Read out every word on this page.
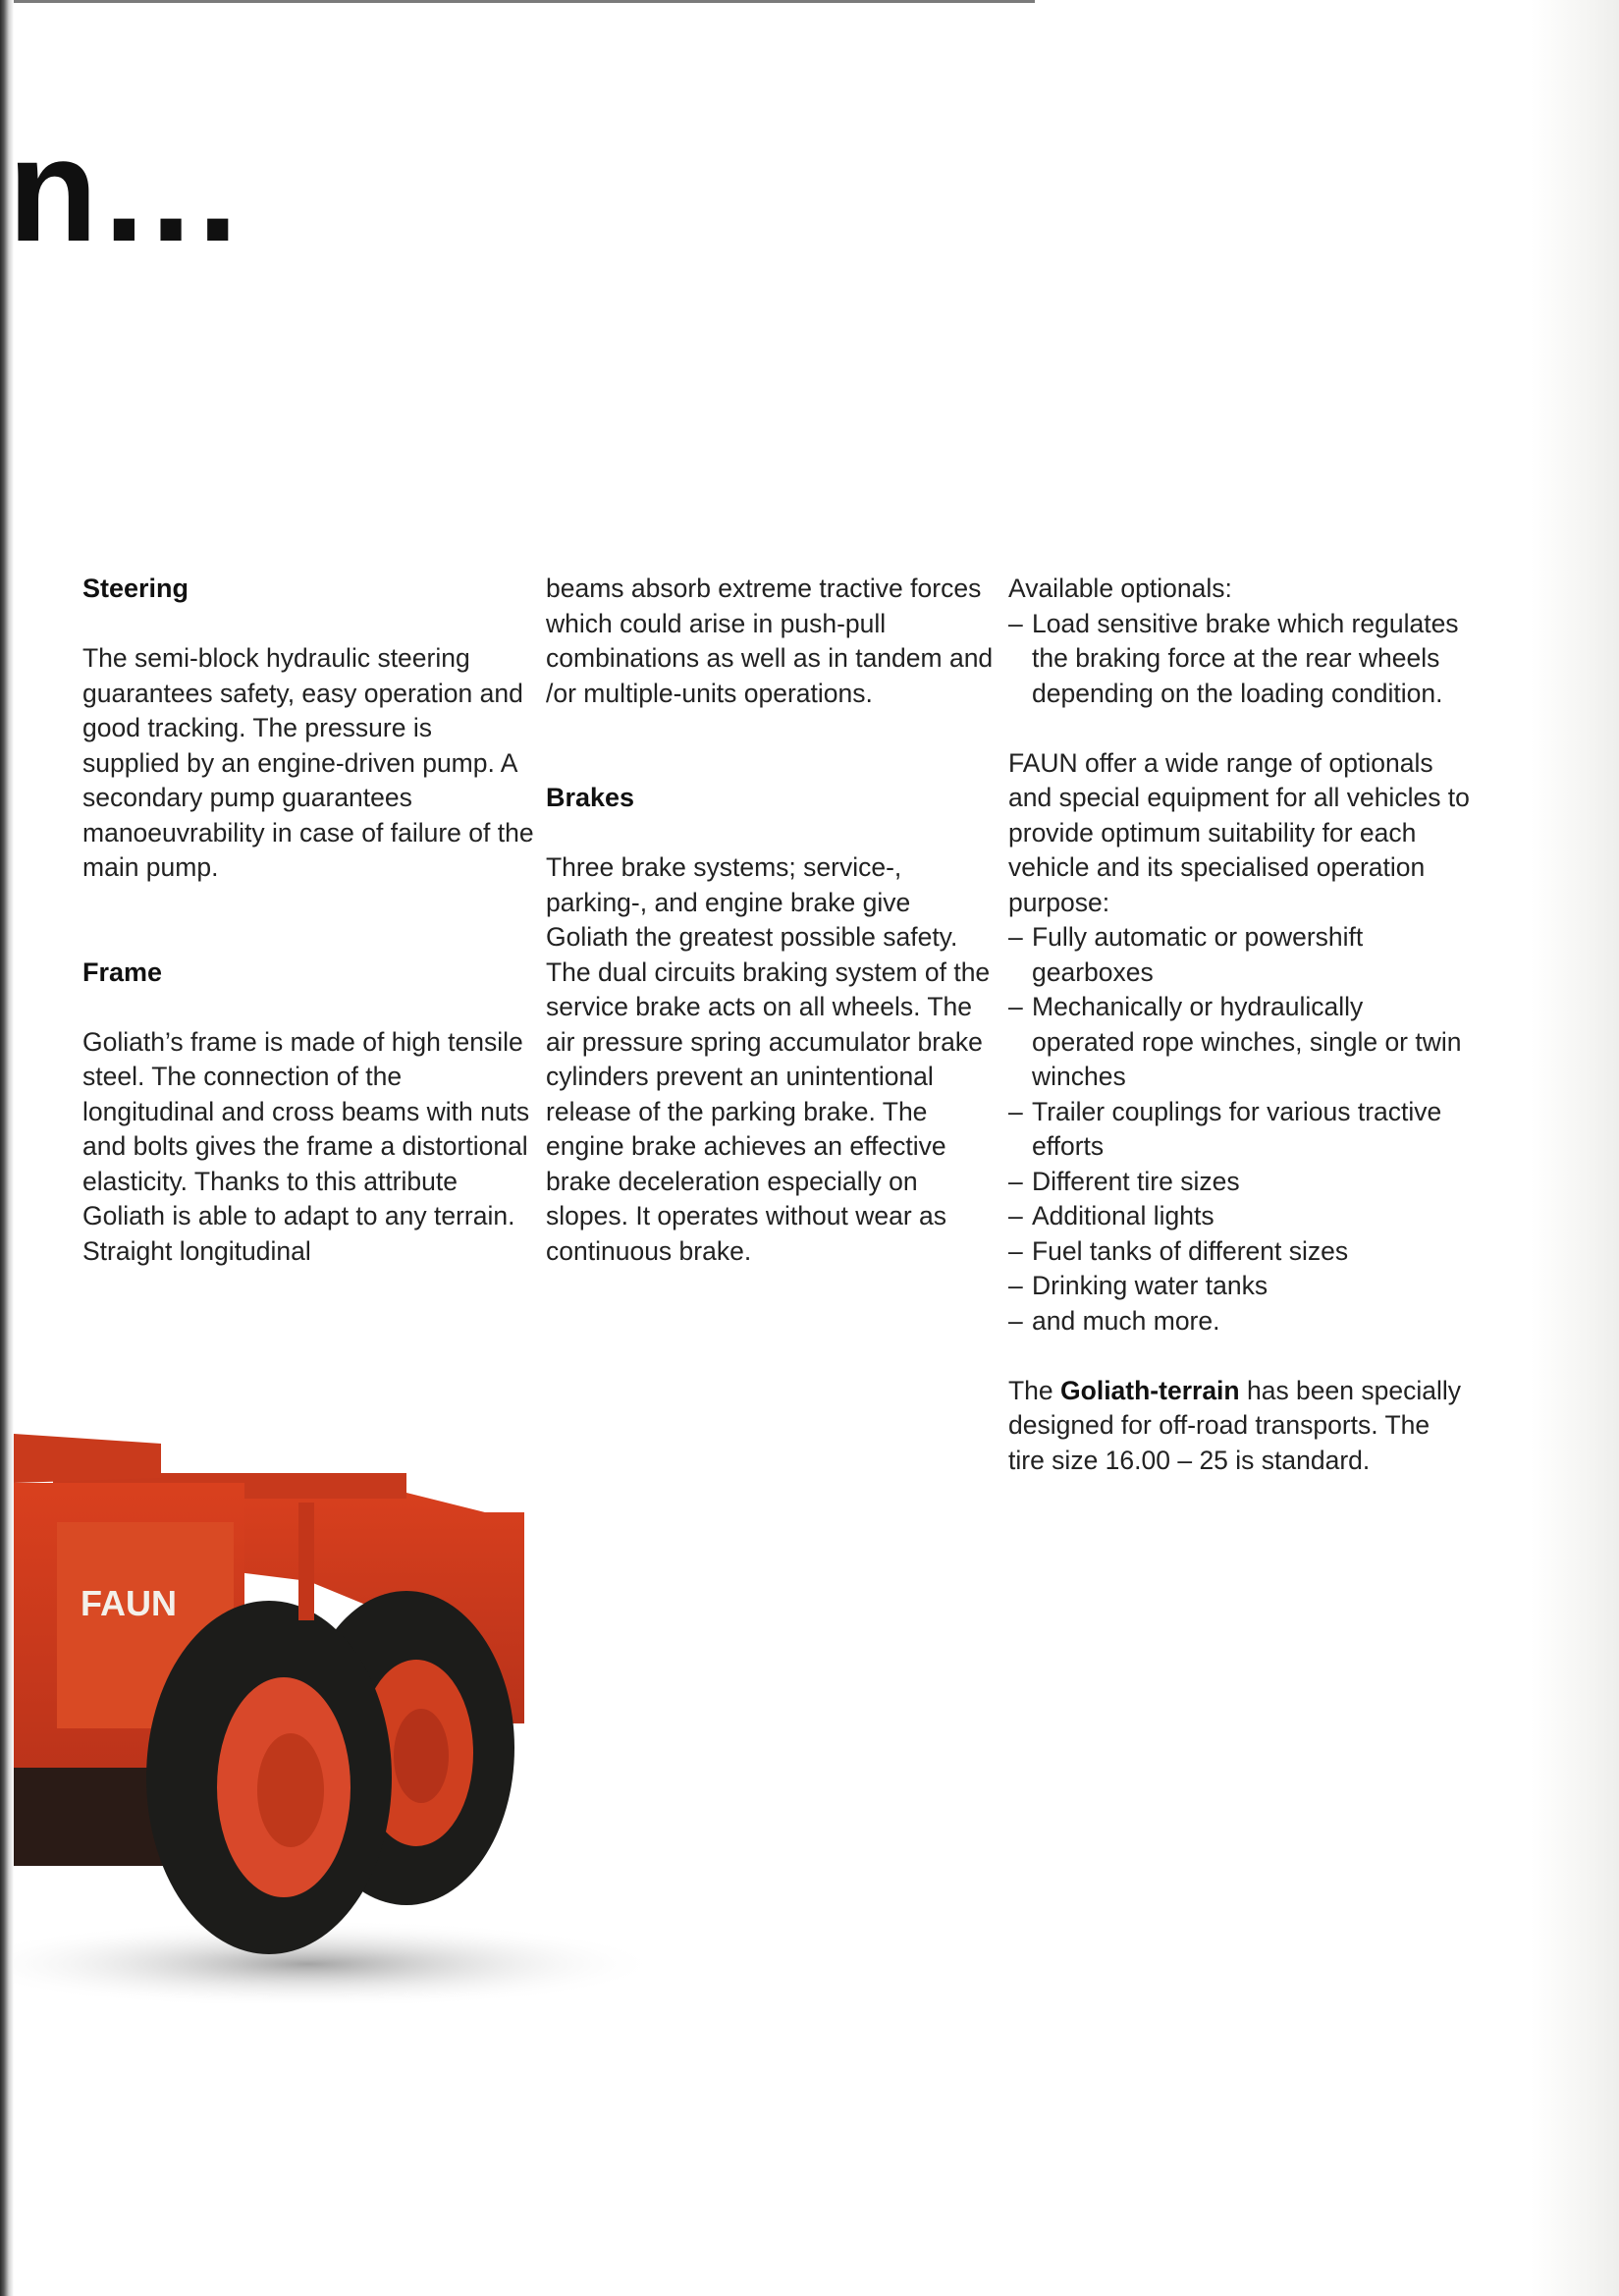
n...
Steering

The semi-block hydraulic steering guarantees safety, easy operation and good tracking. The pressure is supplied by an engine-driven pump. A secondary pump guarantees manoeuvrability in case of failure of the main pump.

Frame

Goliath’s frame is made of high tensile steel. The connection of the longitudinal and cross beams with nuts and bolts gives the frame a distortional elasticity. Thanks to this attribute Goliath is able to adapt to any terrain. Straight longitudinal

beams absorb extreme tractive forces which could arise in push-pull combinations as well as in tandem and /or multiple-units operations.

Brakes

Three brake systems; service-, parking-, and engine brake give Goliath the greatest possible safety. The dual circuits braking system of the service brake acts on all wheels. The air pressure spring accumulator brake cylinders prevent an unintentional release of the parking brake. The engine brake achieves an effective brake deceleration especially on slopes. It operates without wear as continuous brake.

Available optionals:
– Load sensitive brake which regulates the braking force at the rear wheels depending on the loading condition.
FAUN offer a wide range of optionals and special equipment for all vehicles to provide optimum suitability for each vehicle and its specialised operation purpose:
– Fully automatic or powershift gearboxes
– Mechanically or hydraulically operated rope winches, single or twin winches
– Trailer couplings for various tractive efforts
– Different tire sizes
– Additional lights
– Fuel tanks of different sizes
– Drinking water tanks
– and much more.

The Goliath-terrain has been specially designed for off-road transports. The tire size 16.00 – 25 is standard.

FAUN
